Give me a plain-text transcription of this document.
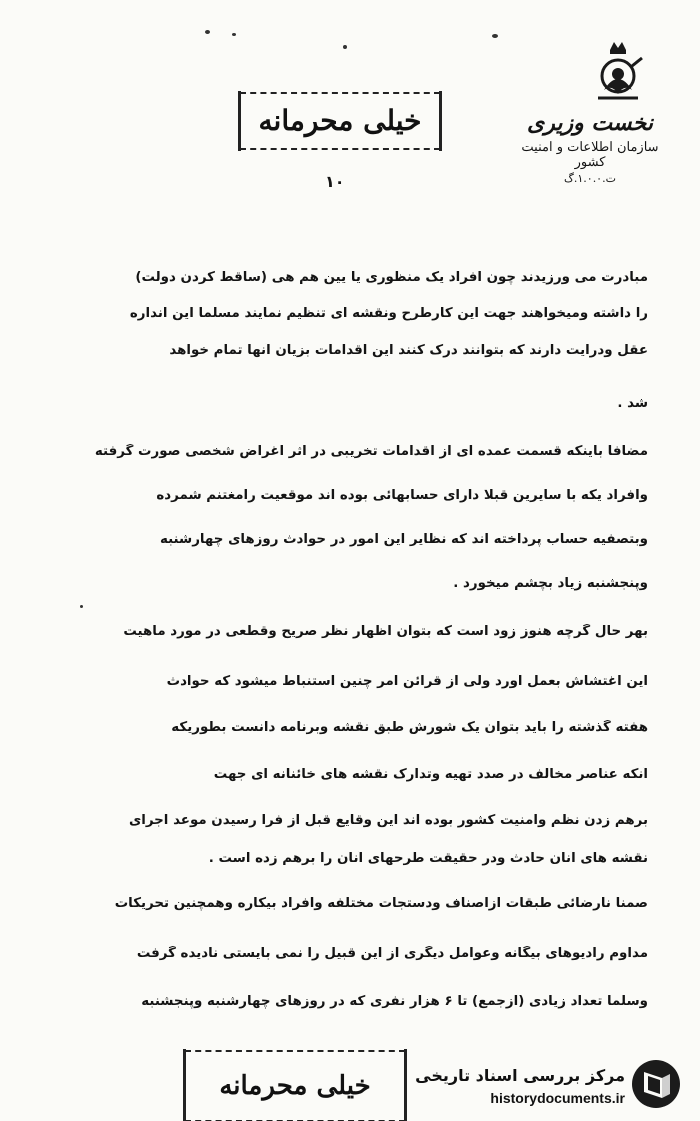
خیلی محرمانه	نخست وزیری
سازمان اطلاعات و امنیت کشور
ت.۱.۰.۰.گ
۱۰
مبادرت می ورزیدند چون افراد یک منظوری یا یین هم هی (ساقط کردن دولت)
را داشته ومیخواهند جهت این کارطرح ونقشه ای تنظیم نمایند مسلما این انداره
عقل ودرایت دارند که بتوانند درک کنند این اقدامات بزیان آنها تمام خواهد
شد .
مضافا باینکه قسمت عمده ای از اقدامات تخریبی در اثر اغراض شخصی صورت گرفته
وافراد یکه با سایرین قبلا دارای حسابهائی بوده اند موقعیت رامغتنم شمرده
وبتصفیه حساب پرداخته اند که نظایر این امور در حوادث روزهای چهارشنبه
وپنجشنبه زیاد بچشم میخورد .
بهر حال گرچه هنوز زود است که بتوان اظهار نظر صریح وقطعی در مورد ماهیت
این اغتشاش بعمل آورد ولی از قرائن امر چنین استنباط میشود که حوادث
هفته گذشته را باید بتوان یک شورش طبق نقشه وبرنامه دانست بطوریکه
آنکه عناصر مخالف در صدد تهیه وتدارک نقشه های خائنانه ای جهت
برهم زدن نظم وامنیت کشور بوده اند این وقایع قبل از فرا رسیدن موعد اجرای
نقشه های آنان حادث ودر حقیقت طرحهای آنان را برهم زده است .
صمنا نارضائی طبقات ازاصناف ودستجات مختلفه وافراد بیکاره وهمچنین تحریکات
مداوم رادیوهای بیگانه وعوامل دیگری از این قبیل را نمی بایستی نادیده گرفت
وسلما تعداد زیادی (ازجمع) تا ۶ هزار نفری که در روزهای چهارشنبه وپنجشنبه
خیلی محرمانه	مرکز بررسی اسناد تاریخی
historydocuments.ir
